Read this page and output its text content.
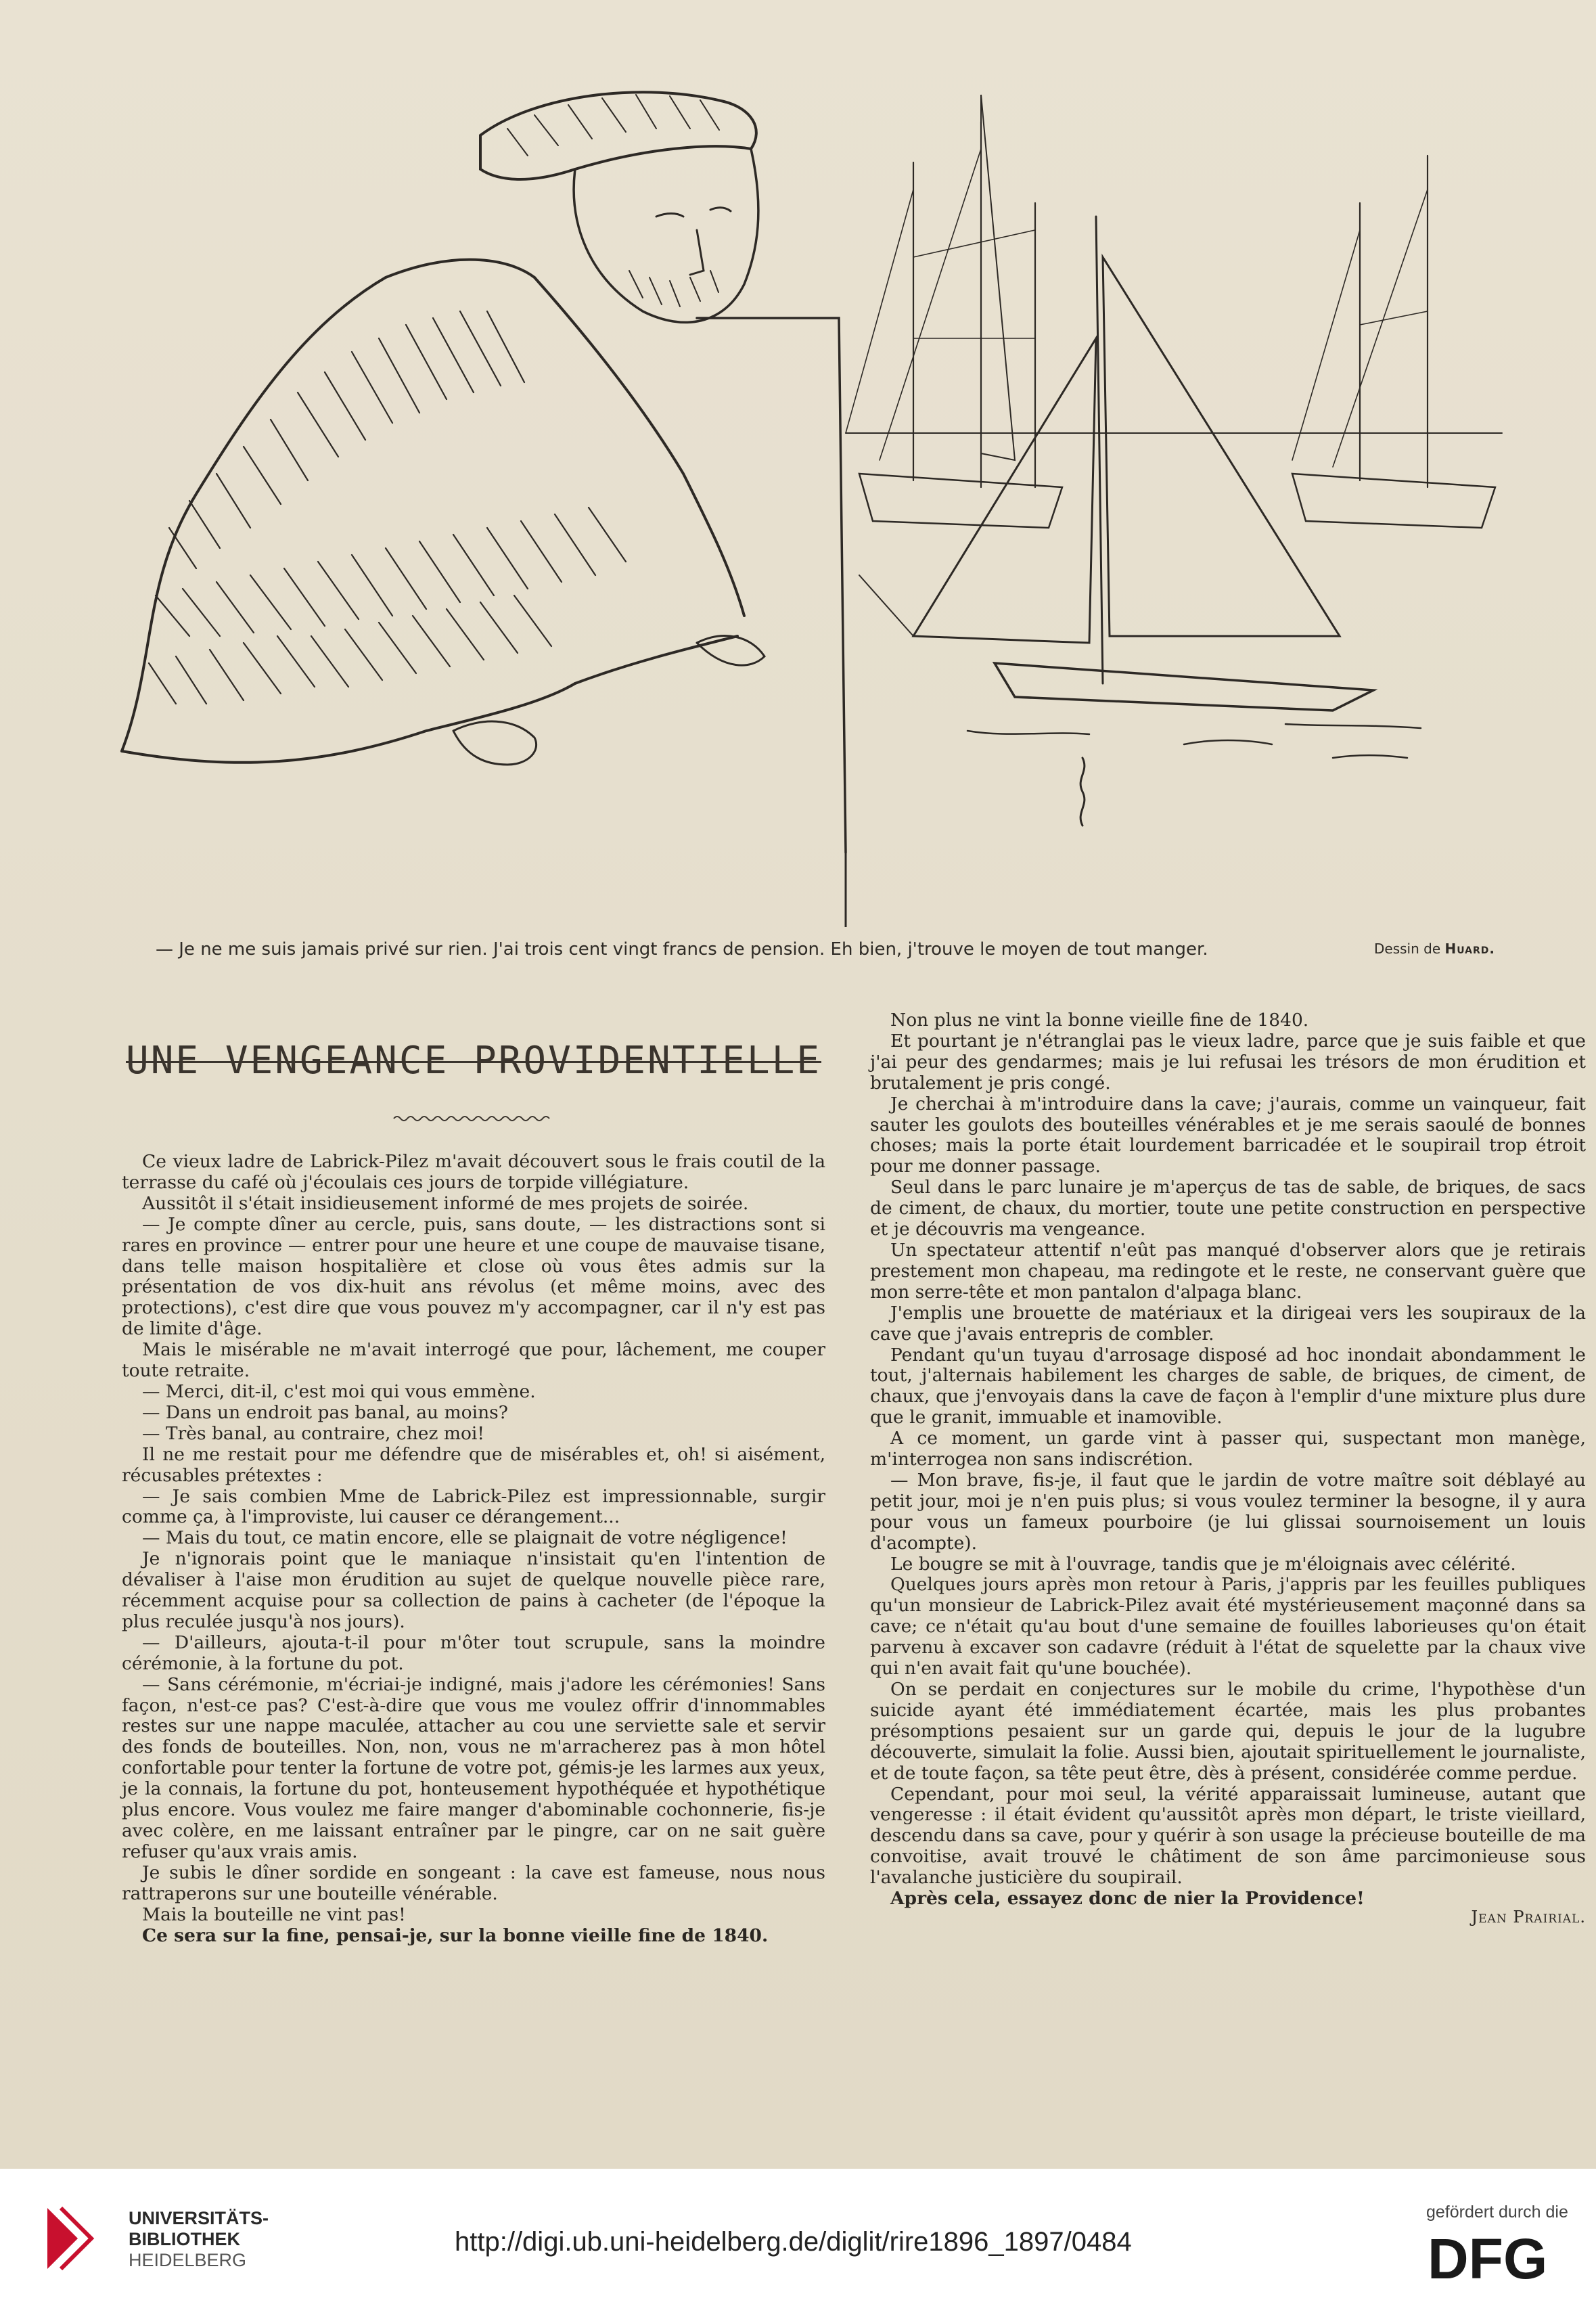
— Je ne me suis jamais privé sur rien. J'ai trois cent vingt francs de pension. Eh bien, j'trouve le moyen de tout manger.	Dessin de Huard.
UNE VENGEANCE PROVIDENTIELLE

Ce vieux ladre de Labrick-Pilez m'avait découvert sous le frais coutil de la terrasse du café où j'écoulais ces jours de torpide villégiature.

Aussitôt il s'était insidieusement informé de mes projets de soirée.

— Je compte dîner au cercle, puis, sans doute, — les distractions sont si rares en province — entrer pour une heure et une coupe de mauvaise tisane, dans telle maison hospitalière et close où vous êtes admis sur la présentation de vos dix-huit ans révolus (et même moins, avec des protections), c'est dire que vous pouvez m'y accompagner, car il n'y est pas de limite d'âge.

Mais le misérable ne m'avait interrogé que pour, lâchement, me couper toute retraite.

— Merci, dit-il, c'est moi qui vous emmène.

— Dans un endroit pas banal, au moins?

— Très banal, au contraire, chez moi!

Il ne me restait pour me défendre que de misérables et, oh! si aisément, récusables prétextes :

— Je sais combien Mme de Labrick-Pilez est impressionnable, surgir comme ça, à l'improviste, lui causer ce dérangement...

— Mais du tout, ce matin encore, elle se plaignait de votre négligence!

Je n'ignorais point que le maniaque n'insistait qu'en l'intention de dévaliser à l'aise mon érudition au sujet de quelque nouvelle pièce rare, récemment acquise pour sa collection de pains à cacheter (de l'époque la plus reculée jusqu'à nos jours).

— D'ailleurs, ajouta-t-il pour m'ôter tout scrupule, sans la moindre cérémonie, à la fortune du pot.

— Sans cérémonie, m'écriai-je indigné, mais j'adore les cérémonies! Sans façon, n'est-ce pas? C'est-à-dire que vous me voulez offrir d'innommables restes sur une nappe maculée, attacher au cou une serviette sale et servir des fonds de bouteilles. Non, non, vous ne m'arracherez pas à mon hôtel confortable pour tenter la fortune de votre pot, gémis-je les larmes aux yeux, je la connais, la fortune du pot, honteusement hypothéquée et hypothétique plus encore. Vous voulez me faire manger d'abominable cochonnerie, fis-je avec colère, en me laissant entraîner par le pingre, car on ne sait guère refuser qu'aux vrais amis.

Je subis le dîner sordide en songeant : la cave est fameuse, nous nous rattraperons sur une bouteille vénérable.

Mais la bouteille ne vint pas!

Ce sera sur la fine, pensai-je, sur la bonne vieille fine de 1840.

Non plus ne vint la bonne vieille fine de 1840.

Et pourtant je n'étranglai pas le vieux ladre, parce que je suis faible et que j'ai peur des gendarmes; mais je lui refusai les trésors de mon érudition et brutalement je pris congé.

Je cherchai à m'introduire dans la cave; j'aurais, comme un vainqueur, fait sauter les goulots des bouteilles vénérables et je me serais saoulé de bonnes choses; mais la porte était lourdement barricadée et le soupirail trop étroit pour me donner passage.

Seul dans le parc lunaire je m'aperçus de tas de sable, de briques, de sacs de ciment, de chaux, du mortier, toute une petite construction en perspective et je découvris ma vengeance.

Un spectateur attentif n'eût pas manqué d'observer alors que je retirais prestement mon chapeau, ma redingote et le reste, ne conservant guère que mon serre-tête et mon pantalon d'alpaga blanc.

J'emplis une brouette de matériaux et la dirigeai vers les soupiraux de la cave que j'avais entrepris de combler.

Pendant qu'un tuyau d'arrosage disposé ad hoc inondait abondamment le tout, j'alternais habilement les charges de sable, de briques, de ciment, de chaux, que j'envoyais dans la cave de façon à l'emplir d'une mixture plus dure que le granit, immuable et inamovible.

A ce moment, un garde vint à passer qui, suspectant mon manège, m'interrogea non sans indiscrétion.

— Mon brave, fis-je, il faut que le jardin de votre maître soit déblayé au petit jour, moi je n'en puis plus; si vous voulez terminer la besogne, il y aura pour vous un fameux pourboire (je lui glissai sournoisement un louis d'acompte).

Le bougre se mit à l'ouvrage, tandis que je m'éloignais avec célérité.

Quelques jours après mon retour à Paris, j'appris par les feuilles publiques qu'un monsieur de Labrick-Pilez avait été mystérieusement maçonné dans sa cave; ce n'était qu'au bout d'une semaine de fouilles laborieuses qu'on était parvenu à excaver son cadavre (réduit à l'état de squelette par la chaux vive qui n'en avait fait qu'une bouchée).

On se perdait en conjectures sur le mobile du crime, l'hypothèse d'un suicide ayant été immédiatement écartée, mais les plus probantes présomptions pesaient sur un garde qui, depuis le jour de la lugubre découverte, simulait la folie. Aussi bien, ajoutait spirituellement le journaliste, et de toute façon, sa tête peut être, dès à présent, considérée comme perdue.

Cependant, pour moi seul, la vérité apparaissait lumineuse, autant que vengeresse : il était évident qu'aussitôt après mon départ, le triste vieillard, descendu dans sa cave, pour y quérir à son usage la précieuse bouteille de ma convoitise, avait trouvé le châtiment de son âme parcimonieuse sous l'avalanche justicière du soupirail.

Après cela, essayez donc de nier la Providence!

Jean Prairial.

UNIVERSITÄTS-
BIBLIOTHEK
HEIDELBERG
http://digi.ub.uni-heidelberg.de/diglit/rire1896_1897/0484
gefördert durch die
DFG
